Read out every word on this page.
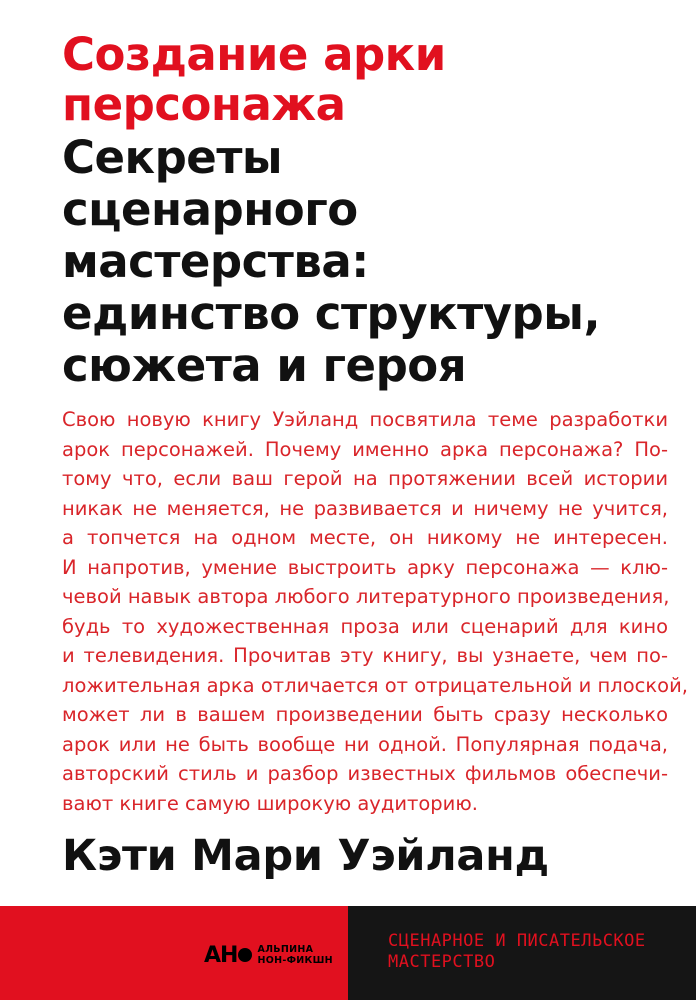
Создание арки
персонажа
Секреты
сценарного
мастерства:
единство структуры,
сюжета и героя
Свою новую книгу Уэйланд посвятила теме разработки
арок персонажей. Почему именно арка персонажа? По-
тому что, если ваш герой на протяжении всей истории
никак не меняется, не развивается и ничему не учится,
а топчется на одном месте, он никому не интересен.
И напротив, умение выстроить арку персонажа — клю-
чевой навык автора любого литературного произведения,
будь то художественная проза или сценарий для кино
и телевидения. Прочитав эту книгу, вы узнаете, чем по-
ложительная арка отличается от отрицательной и плоской,
может ли в вашем произведении быть сразу несколько
арок или не быть вообще ни одной. Популярная подача,
авторский стиль и разбор известных фильмов обеспечи-
вают книге самую широкую аудиторию.
Кэти Мари Уэйланд
АН	АЛЬПИНА
НОН-ФИКШН
СЦЕНАРНОЕ И ПИСАТЕЛЬСКОЕ
МАСТЕРСТВО
